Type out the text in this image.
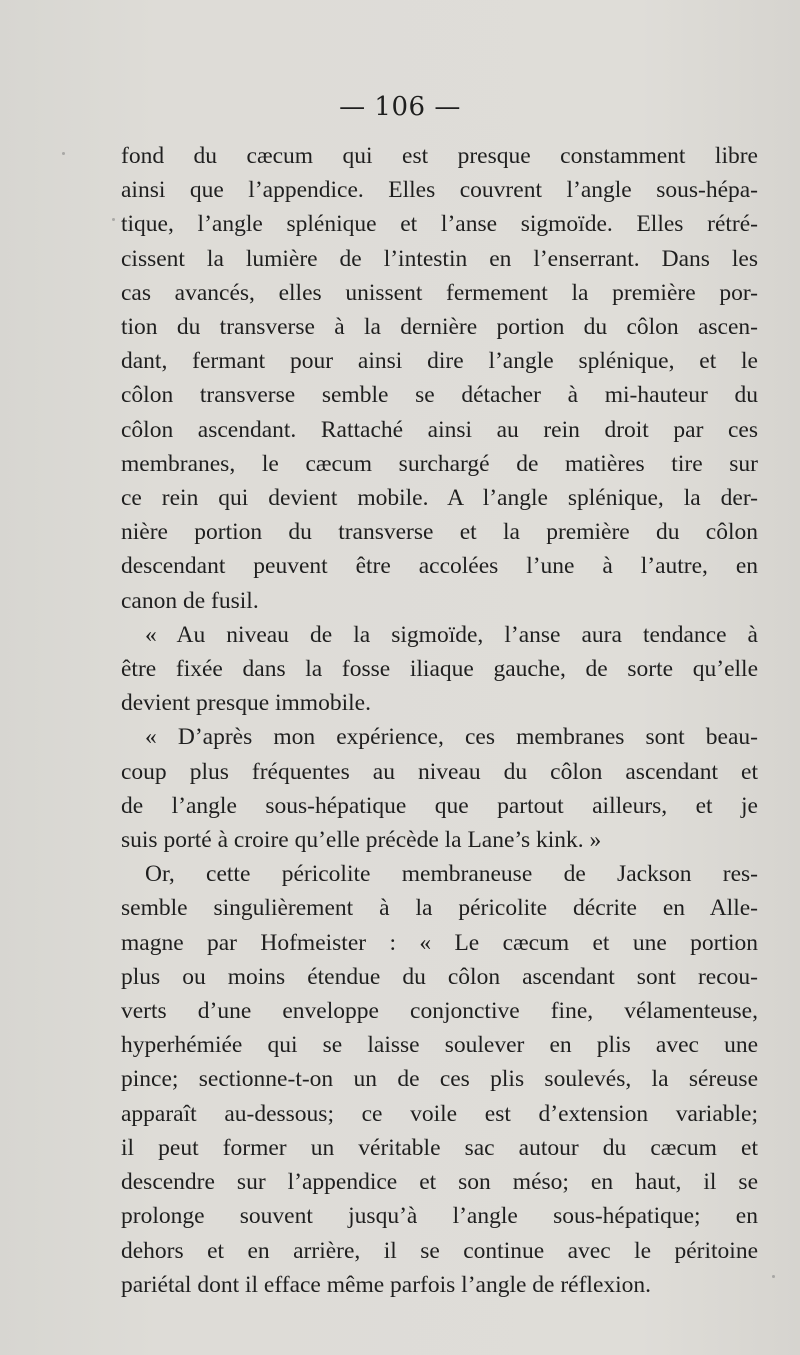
— 106 —
fond du cæcum qui est presque constamment libre
ainsi que l’appendice. Elles couvrent l’angle sous-hépa-
tique, l’angle splénique et l’anse sigmoïde. Elles rétré-
cissent la lumière de l’intestin en l’enserrant. Dans les
cas avancés, elles unissent fermement la première por-
tion du transverse à la dernière portion du côlon ascen-
dant, fermant pour ainsi dire l’angle splénique, et le
côlon transverse semble se détacher à mi-hauteur du
côlon ascendant. Rattaché ainsi au rein droit par ces
membranes, le cæcum surchargé de matières tire sur
ce rein qui devient mobile. A l’angle splénique, la der-
nière portion du transverse et la première du côlon
descendant peuvent être accolées l’une à l’autre, en
canon de fusil.
« Au niveau de la sigmoïde, l’anse aura tendance à
être fixée dans la fosse iliaque gauche, de sorte qu’elle
devient presque immobile.
« D’après mon expérience, ces membranes sont beau-
coup plus fréquentes au niveau du côlon ascendant et
de l’angle sous-hépatique que partout ailleurs, et je
suis porté à croire qu’elle précède la Lane’s kink. »
Or, cette péricolite membraneuse de Jackson res-
semble singulièrement à la péricolite décrite en Alle-
magne par Hofmeister : « Le cæcum et une portion
plus ou moins étendue du côlon ascendant sont recou-
verts d’une enveloppe conjonctive fine, vélamenteuse,
hyperhémiée qui se laisse soulever en plis avec une
pince; sectionne-t-on un de ces plis soulevés, la séreuse
apparaît au-dessous; ce voile est d’extension variable;
il peut former un véritable sac autour du cæcum et
descendre sur l’appendice et son méso; en haut, il se
prolonge souvent jusqu’à l’angle sous-hépatique; en
dehors et en arrière, il se continue avec le péritoine
pariétal dont il efface même parfois l’angle de réflexion.
